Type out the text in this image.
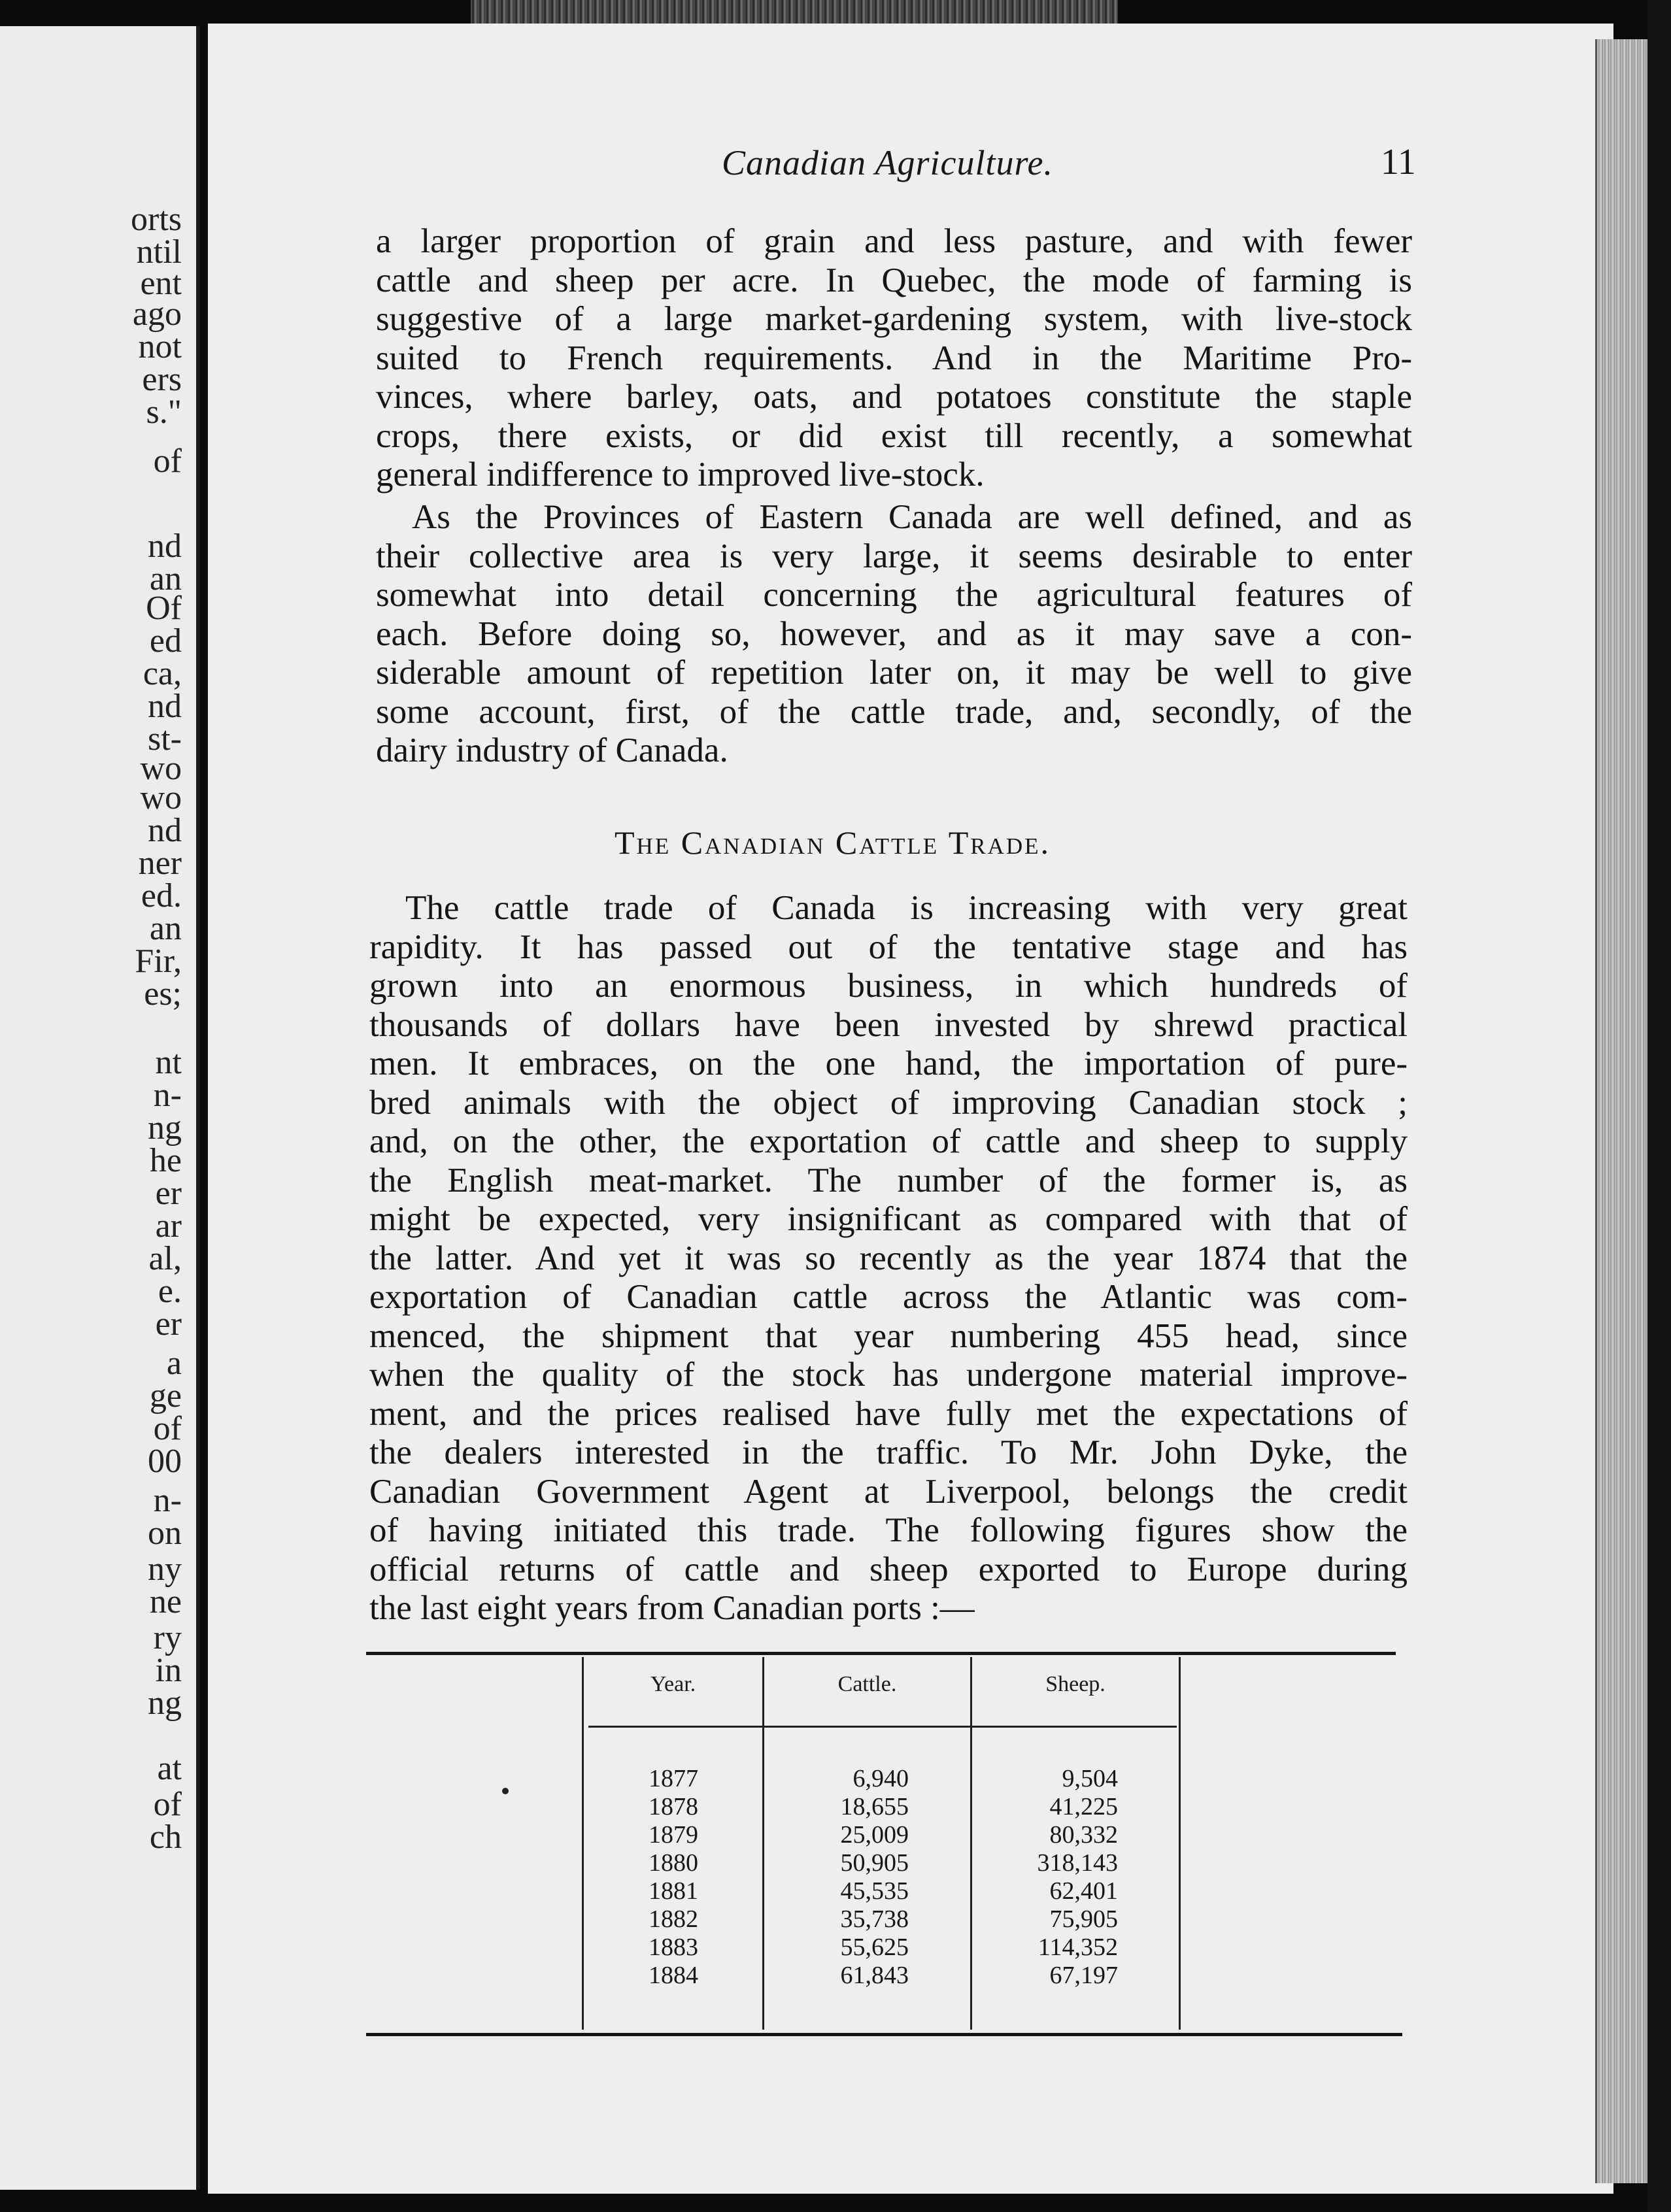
orts
ntil
ent
ago
not
ers
s."
of
nd
an
Of
ed
ca,
nd
st-
wo
wo
nd
ner
ed.
an
Fir,
es;
nt
n-
ng
he
er
ar
al,
e.
er
a
ge
of
00
n-
on
ny
ne
ry
in
ng
at
of
ch
Canadian Agriculture.	11
a larger proportion of grain and less pasture, and with fewer
cattle and sheep per acre. In Quebec, the mode of farming is
suggestive of a large market-gardening system, with live-stock
suited to French requirements. And in the Maritime Pro-
vinces, where barley, oats, and potatoes constitute the staple
crops, there exists, or did exist till recently, a somewhat
general indifference to improved live-stock.
As the Provinces of Eastern Canada are well defined, and as
their collective area is very large, it seems desirable to enter
somewhat into detail concerning the agricultural features of
each. Before doing so, however, and as it may save a con-
siderable amount of repetition later on, it may be well to give
some account, first, of the cattle trade, and, secondly, of the
dairy industry of Canada.
The Canadian Cattle Trade.
The cattle trade of Canada is increasing with very great
rapidity. It has passed out of the tentative stage and has
grown into an enormous business, in which hundreds of
thousands of dollars have been invested by shrewd practical
men. It embraces, on the one hand, the importation of pure-
bred animals with the object of improving Canadian stock ;
and, on the other, the exportation of cattle and sheep to supply
the English meat-market. The number of the former is, as
might be expected, very insignificant as compared with that of
the latter. And yet it was so recently as the year 1874 that the
exportation of Canadian cattle across the Atlantic was com-
menced, the shipment that year numbering 455 head, since
when the quality of the stock has undergone material improve-
ment, and the prices realised have fully met the expectations of
the dealers interested in the traffic. To Mr. John Dyke, the
Canadian Government Agent at Liverpool, belongs the credit
of having initiated this trade. The following figures show the
official returns of cattle and sheep exported to Europe during
the last eight years from Canadian ports :—
Year.	Cattle.	Sheep.
1877	6,940	9,504
1878	18,655	41,225
1879	25,009	80,332
1880	50,905	318,143
1881	45,535	62,401
1882	35,738	75,905
1883	55,625	114,352
1884	61,843	67,197
